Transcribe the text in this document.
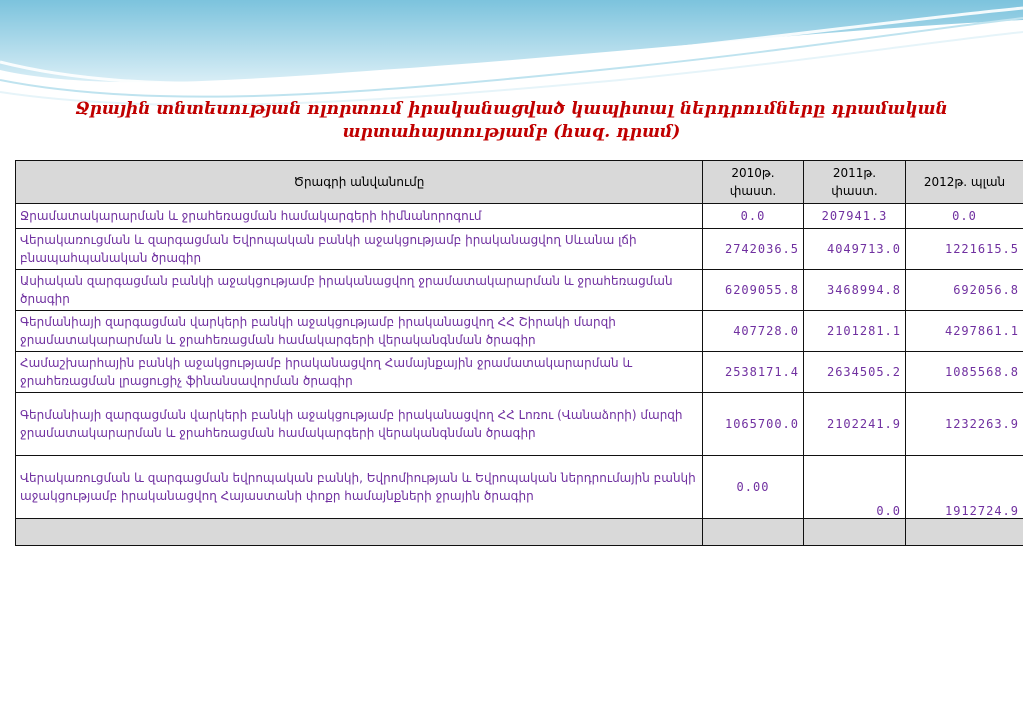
Ջրային տնտեսության ոլորտում իրականացված կապիտալ ներդրումները դրամական արտահայտությամբ (հազ. դրամ)
Ծրագրի անվանումը	2010թ. փաստ.	2011թ. փաստ.	2012թ. պլան
Ջրամատակարարման և ջրահեռացման համակարգերի հիմնանորոգում	0.0	207941.3	0.0
Վերակառուցման և զարգացման Եվրոպական բանկի աջակցությամբ իրականացվող Սևանա լճի բնապահպանական ծրագիր	2742036.5	4049713.0	1221615.5
Ասիական զարգացման բանկի աջակցությամբ իրականացվող ջրամատակարարման և ջրահեռացման ծրագիր	6209055.8	3468994.8	692056.8
Գերմանիայի զարգացման վարկերի բանկի աջակցությամբ իրականացվող ՀՀ Շիրակի մարզի ջրամատակարարման և ջրահեռացման համակարգերի վերականգնման ծրագիր	407728.0	2101281.1	4297861.1
Համաշխարհային բանկի աջակցությամբ իրականացվող Համայնքային ջրամատակարարման և ջրահեռացման լրացուցիչ ֆինանսավորման ծրագիր	2538171.4	2634505.2	1085568.8
Գերմանիայի զարգացման վարկերի բանկի աջակցությամբ իրականացվող ՀՀ Լոռու (Վանաձորի) մարզի ջրամատակարարման և ջրահեռացման համակարգերի վերականգնման ծրագիր	1065700.0	2102241.9	1232263.9
Վերակառուցման և զարգացման եվրոպական բանկի, Եվրոմիության և Եվրոպական ներդրումային բանկի աջակցությամբ իրականացվող Հայաստանի փոքր համայնքների ջրային ծրագիր	0.00	0.0	1912724.9
